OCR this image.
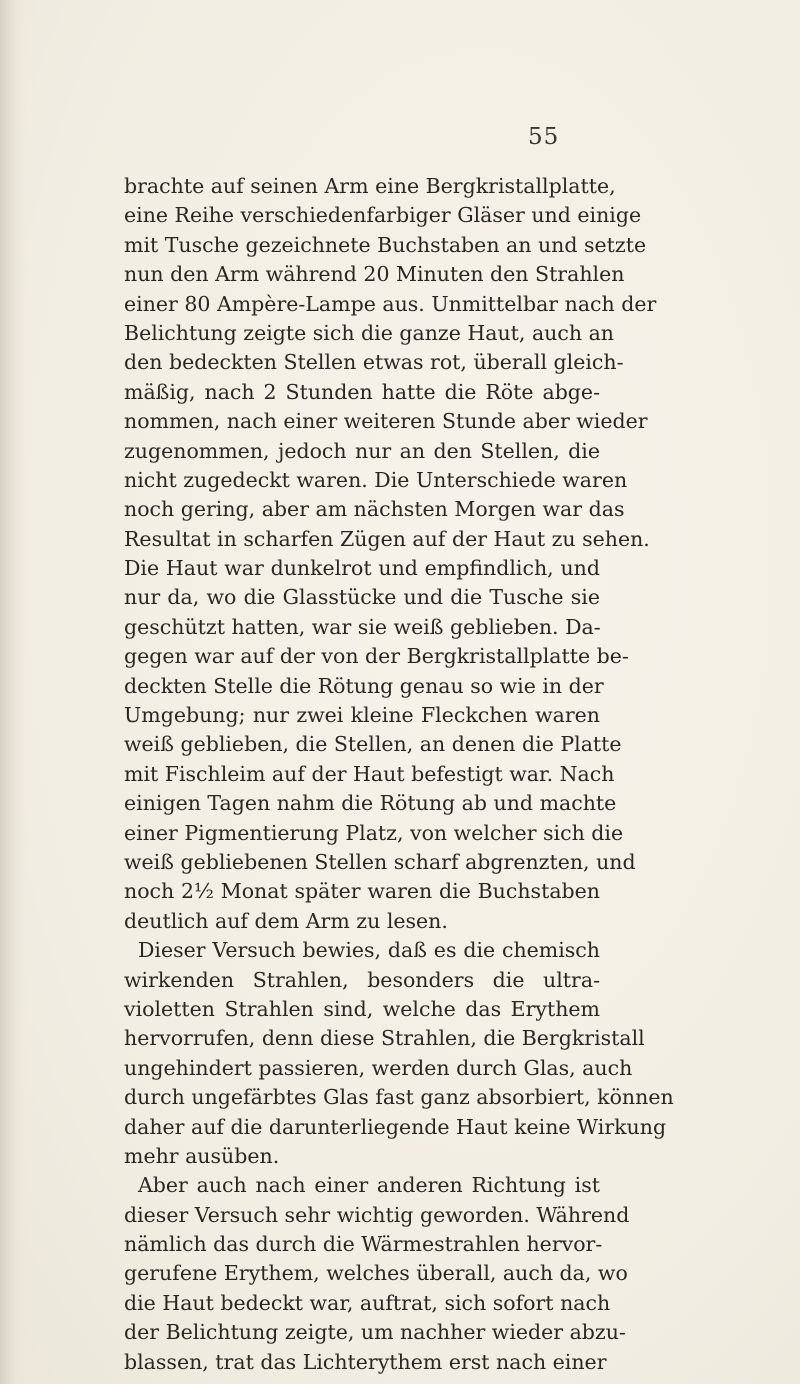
55
brachte auf seinen Arm eine Bergkristallplatte,
eine Reihe verschiedenfarbiger Gläser und einige
mit Tusche gezeichnete Buchstaben an und setzte
nun den Arm während 20 Minuten den Strahlen
einer 80 Ampère-Lampe aus. Unmittelbar nach der
Belichtung zeigte sich die ganze Haut, auch an
den bedeckten Stellen etwas rot, überall gleich-
mäßig, nach 2 Stunden hatte die Röte abge-
nommen, nach einer weiteren Stunde aber wieder
zugenommen, jedoch nur an den Stellen, die
nicht zugedeckt waren. Die Unterschiede waren
noch gering, aber am nächsten Morgen war das
Resultat in scharfen Zügen auf der Haut zu sehen.
Die Haut war dunkelrot und empfindlich, und
nur da, wo die Glasstücke und die Tusche sie
geschützt hatten, war sie weiß geblieben. Da-
gegen war auf der von der Bergkristallplatte be-
deckten Stelle die Rötung genau so wie in der
Umgebung; nur zwei kleine Fleckchen waren
weiß geblieben, die Stellen, an denen die Platte
mit Fischleim auf der Haut befestigt war. Nach
einigen Tagen nahm die Rötung ab und machte
einer Pigmentierung Platz, von welcher sich die
weiß gebliebenen Stellen scharf abgrenzten, und
noch 2½ Monat später waren die Buchstaben
deutlich auf dem Arm zu lesen.
Dieser Versuch bewies, daß es die chemisch
wirkenden Strahlen, besonders die ultra-
violetten Strahlen sind, welche das Erythem
hervorrufen, denn diese Strahlen, die Bergkristall
ungehindert passieren, werden durch Glas, auch
durch ungefärbtes Glas fast ganz absorbiert, können
daher auf die darunterliegende Haut keine Wirkung
mehr ausüben.
Aber auch nach einer anderen Richtung ist
dieser Versuch sehr wichtig geworden. Während
nämlich das durch die Wärmestrahlen hervor-
gerufene Erythem, welches überall, auch da, wo
die Haut bedeckt war, auftrat, sich sofort nach
der Belichtung zeigte, um nachher wieder abzu-
blassen, trat das Lichterythem erst nach einer
